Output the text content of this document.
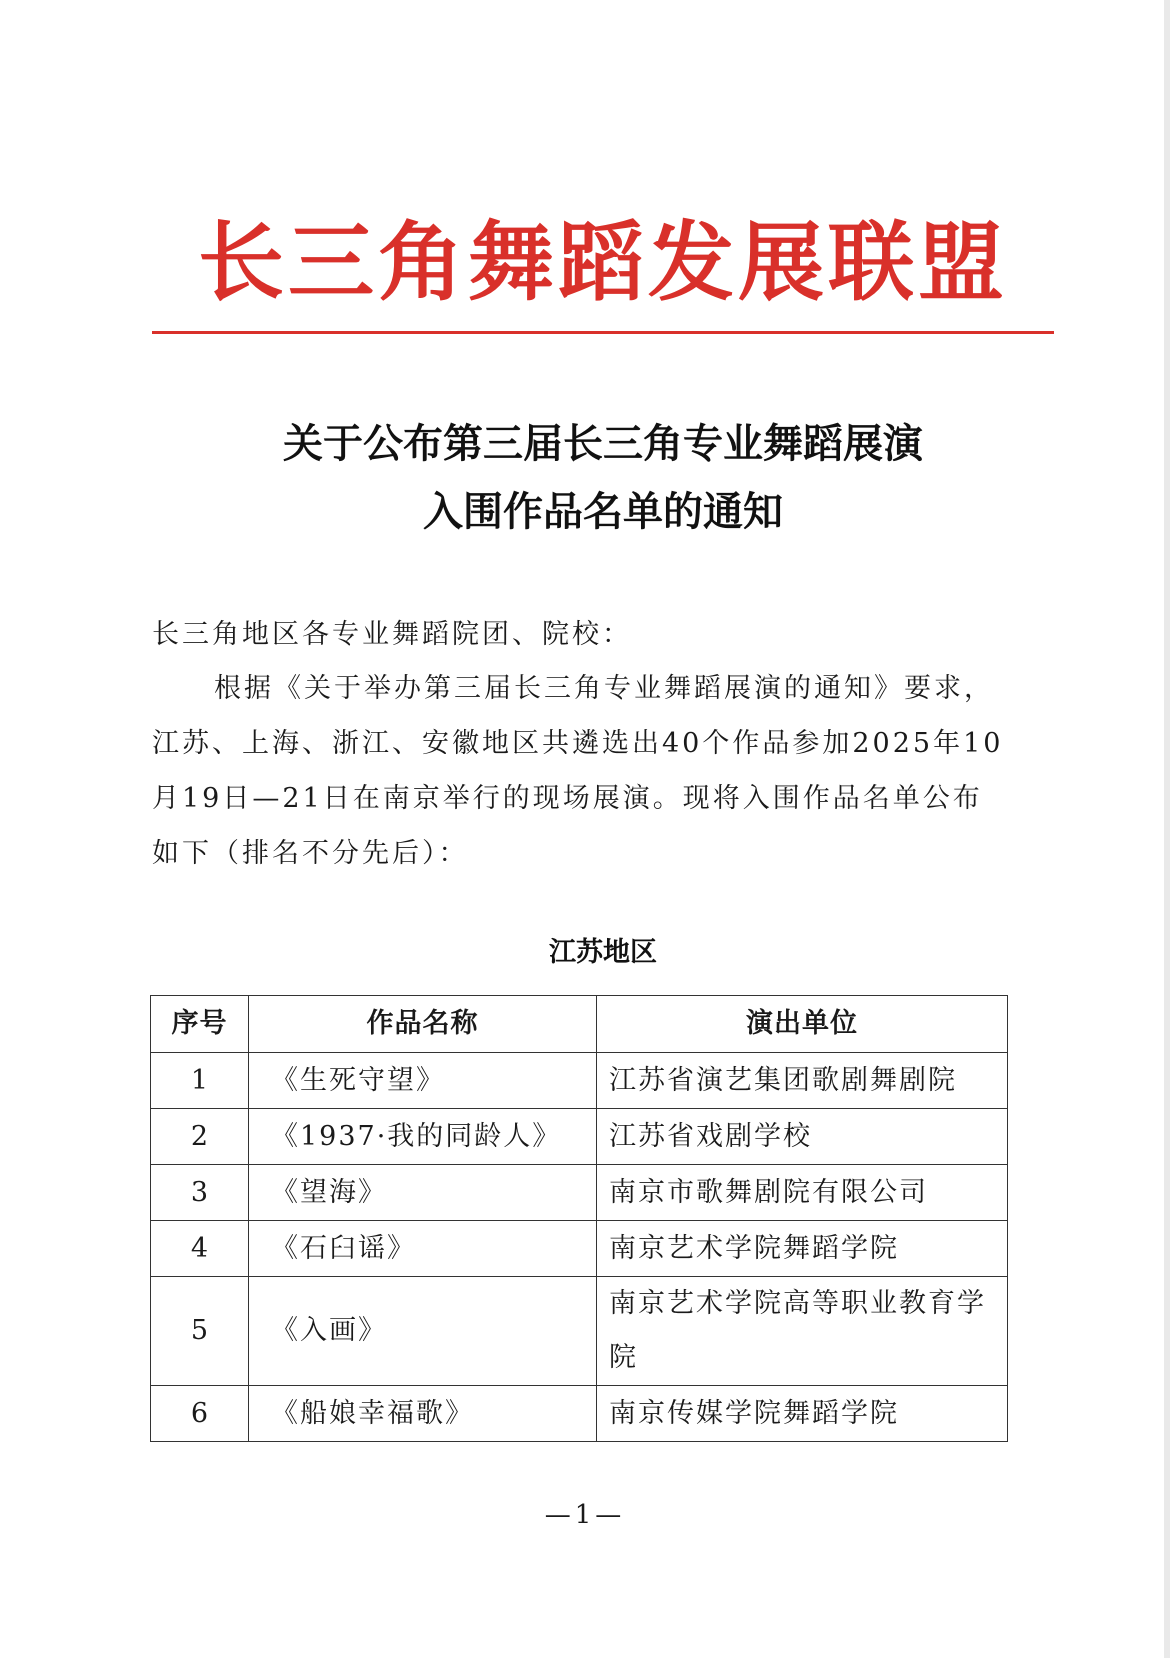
长三角舞蹈发展联盟
关于公布第三届长三角专业舞蹈展演
入围作品名单的通知
长三角地区各专业舞蹈院团、院校：
根据《关于举办第三届长三角专业舞蹈展演的通知》要求，
江苏、上海、浙江、安徽地区共遴选出40个作品参加2025年10
月19日—21日在南京举行的现场展演。现将入围作品名单公布
如下（排名不分先后）：
江苏地区
序号	作品名称	演出单位
1	《生死守望》	江苏省演艺集团歌剧舞剧院
2	《1937·我的同龄人》	江苏省戏剧学校
3	《望海》	南京市歌舞剧院有限公司
4	《石臼谣》	南京艺术学院舞蹈学院
5	《入画》	南京艺术学院高等职业教育学院
6	《船娘幸福歌》	南京传媒学院舞蹈学院
—1—
